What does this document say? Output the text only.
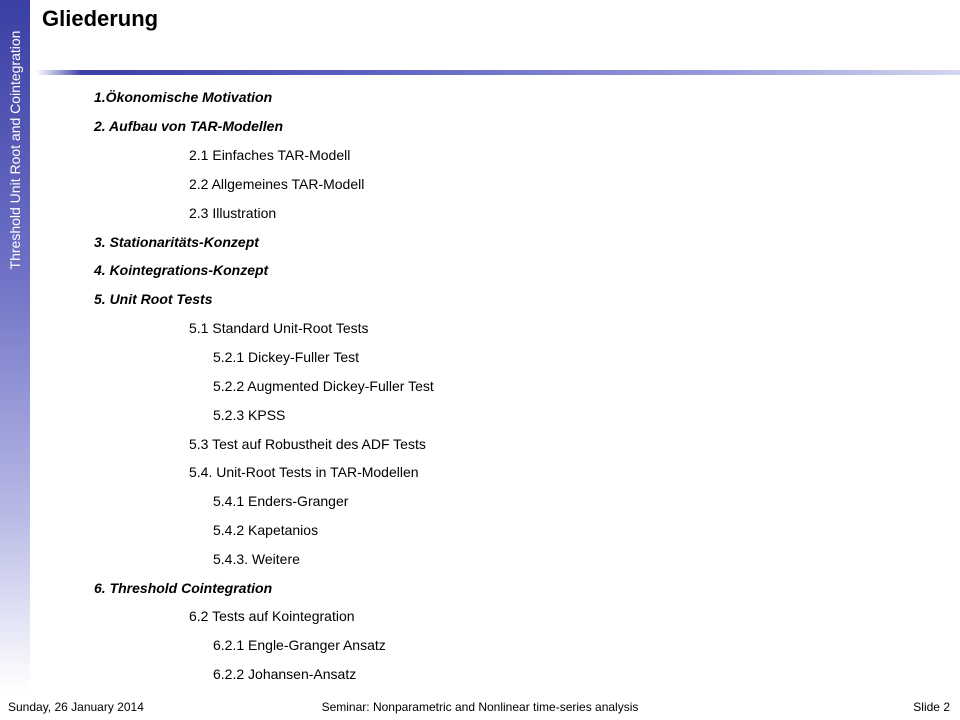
Threshold Unit Root and Cointegration
Gliederung
1.Ökonomische Motivation
2. Aufbau von TAR-Modellen
2.1 Einfaches TAR-Modell
2.2 Allgemeines TAR-Modell
2.3 Illustration
3. Stationaritäts-Konzept
4. Kointegrations-Konzept
5. Unit Root Tests
5.1 Standard Unit-Root Tests
5.2.1 Dickey-Fuller Test
5.2.2 Augmented Dickey-Fuller Test
5.2.3 KPSS
5.3 Test auf Robustheit des ADF Tests
5.4. Unit-Root Tests in TAR-Modellen
5.4.1 Enders-Granger
5.4.2 Kapetanios
5.4.3. Weitere
6. Threshold Cointegration
6.2 Tests auf Kointegration
6.2.1 Engle-Granger Ansatz
6.2.2 Johansen-Ansatz
Sunday, 26 January 2014	Seminar: Nonparametric and Nonlinear time-series analysis	Slide 2
